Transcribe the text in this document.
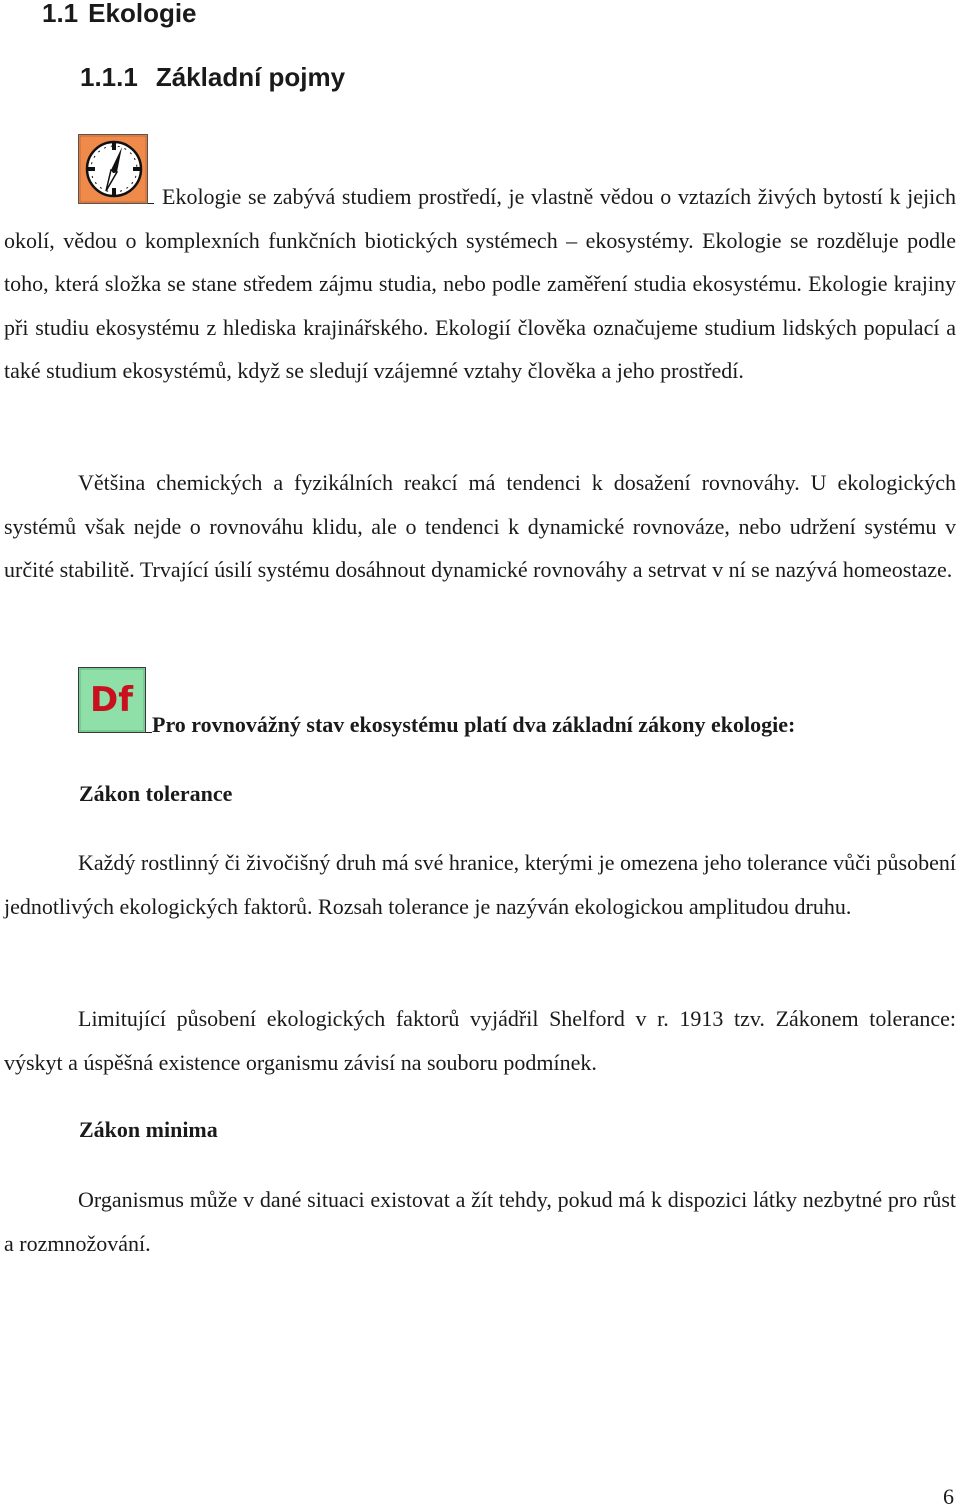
1.1 Ekologie
1.1.1 Základní pojmy

Ekologie se zabývá studiem prostředí, je vlastně vědou o vztazích živých bytostí k jejich okolí, vědou o komplexních funkčních biotických systémech – ekosystémy. Ekologie se rozděluje podle toho, která složka se stane středem zájmu studia, nebo podle zaměření studia ekosystému. Ekologie krajiny při studiu ekosystému z hlediska krajinářského. Ekologií člověka označujeme studium lidských populací a také studium ekosystémů, když se sledují vzájemné vztahy člověka a jeho prostředí.

Většina chemických a fyzikálních reakcí má tendenci k dosažení rovnováhy. U ekologických systémů však nejde o rovnováhu klidu, ale o tendenci k dynamické rovnováze, nebo udržení systému v určité stabilitě. Trvající úsilí systému dosáhnout dynamické rovnováhy a setrvat v ní se nazývá homeostaze.

Df

Pro rovnovážný stav ekosystému platí dva základní zákony ekologie:

Zákon tolerance

Každý rostlinný či živočišný druh má své hranice, kterými je omezena jeho tolerance vůči působení jednotlivých ekologických faktorů. Rozsah tolerance je nazýván ekologickou amplitudou druhu.

Limitující působení ekologických faktorů vyjádřil Shelford v r. 1913 tzv. Zákonem tolerance: výskyt a úspěšná existence organismu závisí na souboru podmínek.

Zákon minima

Organismus může v dané situaci existovat a žít tehdy, pokud má k dispozici látky nezbytné pro růst a rozmnožování.

6
